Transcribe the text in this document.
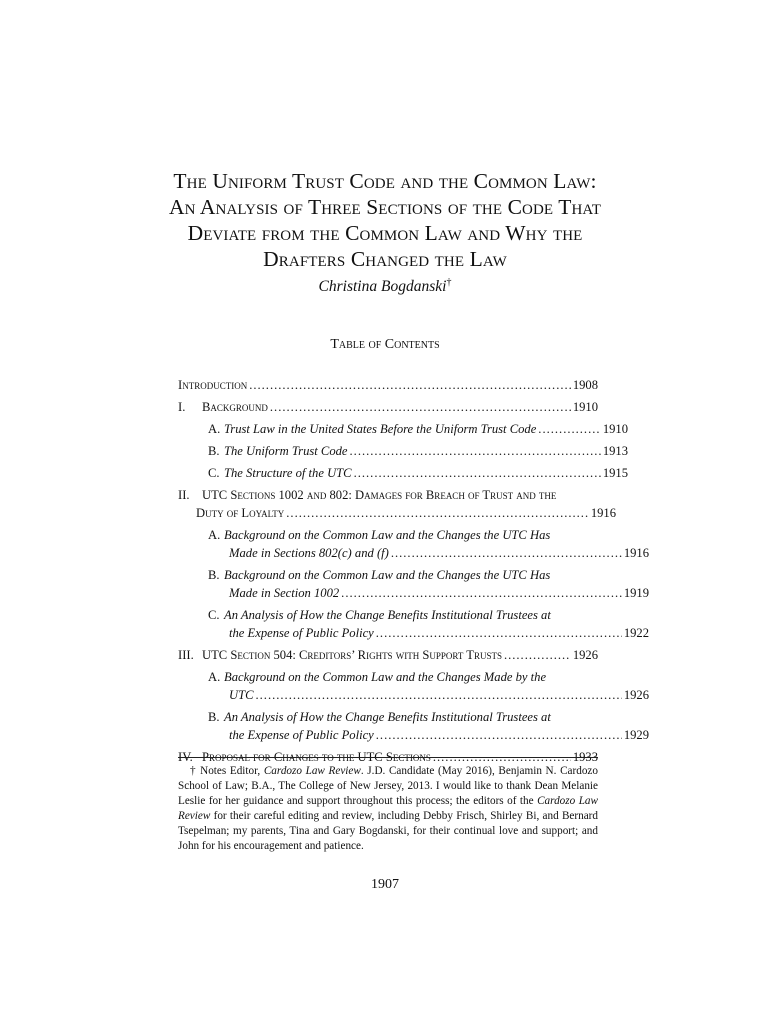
The Uniform Trust Code and the Common Law:
An Analysis of Three Sections of the Code That
Deviate from the Common Law and Why the
Drafters Changed the Law
Christina Bogdanski†
Table of Contents
Introduction .....	1908
I. Background .....	1910
A. Trust Law in the United States Before the Uniform Trust Code .....	1910
B. The Uniform Trust Code .....	1913
C. The Structure of the UTC .....	1915
II. UTC Sections 1002 and 802: Damages for Breach of Trust and the
Duty of Loyalty .....	1916
A. Background on the Common Law and the Changes the UTC Has
Made in Sections 802(c) and (f) .....	1916
B. Background on the Common Law and the Changes the UTC Has
Made in Section 1002 .....	1919
C. An Analysis of How the Change Benefits Institutional Trustees at
the Expense of Public Policy .....	1922
III. UTC Section 504: Creditors’ Rights with Support Trusts .....	1926
A. Background on the Common Law and the Changes Made by the
UTC .....	1926
B. An Analysis of How the Change Benefits Institutional Trustees at
the Expense of Public Policy .....	1929
IV. Proposal for Changes to the UTC Sections .....	1933
† Notes Editor, Cardozo Law Review. J.D. Candidate (May 2016), Benjamin N. Cardozo School of Law; B.A., The College of New Jersey, 2013. I would like to thank Dean Melanie Leslie for her guidance and support throughout this process; the editors of the Cardozo Law Review for their careful editing and review, including Debby Frisch, Shirley Bi, and Bernard Tsepelman; my parents, Tina and Gary Bogdanski, for their continual love and support; and John for his encouragement and patience.
1907
